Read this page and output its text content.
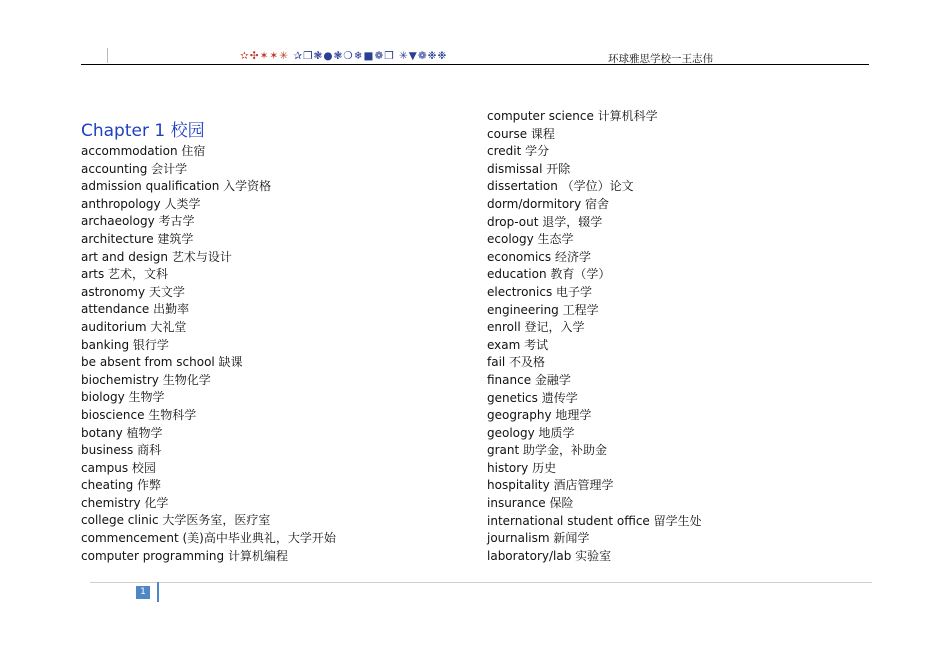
✫✣✶✶✳ ✰❒❃●❃❍❄■❁❒ ✳▼❁❉❉	环球雅思学校一王志伟
Chapter 1 校园
accommodation 住宿
accounting 会计学
admission qualification 入学资格
anthropology 人类学
archaeology 考古学
architecture 建筑学
art and design 艺术与设计
arts 艺术，文科
astronomy 天文学
attendance 出勤率
auditorium 大礼堂
banking 银行学
be absent from school 缺课
biochemistry 生物化学
biology 生物学
bioscience 生物科学
botany 植物学
business 商科
campus 校园
cheating 作弊
chemistry 化学
college clinic 大学医务室，医疗室
commencement (美)高中毕业典礼，大学开始
computer programming 计算机编程
computer science 计算机科学
course 课程
credit 学分
dismissal 开除
dissertation （学位）论文
dorm/dormitory 宿舍
drop-out 退学，辍学
ecology 生态学
economics 经济学
education 教育（学）
electronics 电子学
engineering 工程学
enroll 登记，入学
exam 考试
fail 不及格
finance 金融学
genetics 遗传学
geography 地理学
geology 地质学
grant 助学金，补助金
history 历史
hospitality 酒店管理学
insurance 保险
international student office 留学生处
journalism 新闻学
laboratory/lab 实验室
1
